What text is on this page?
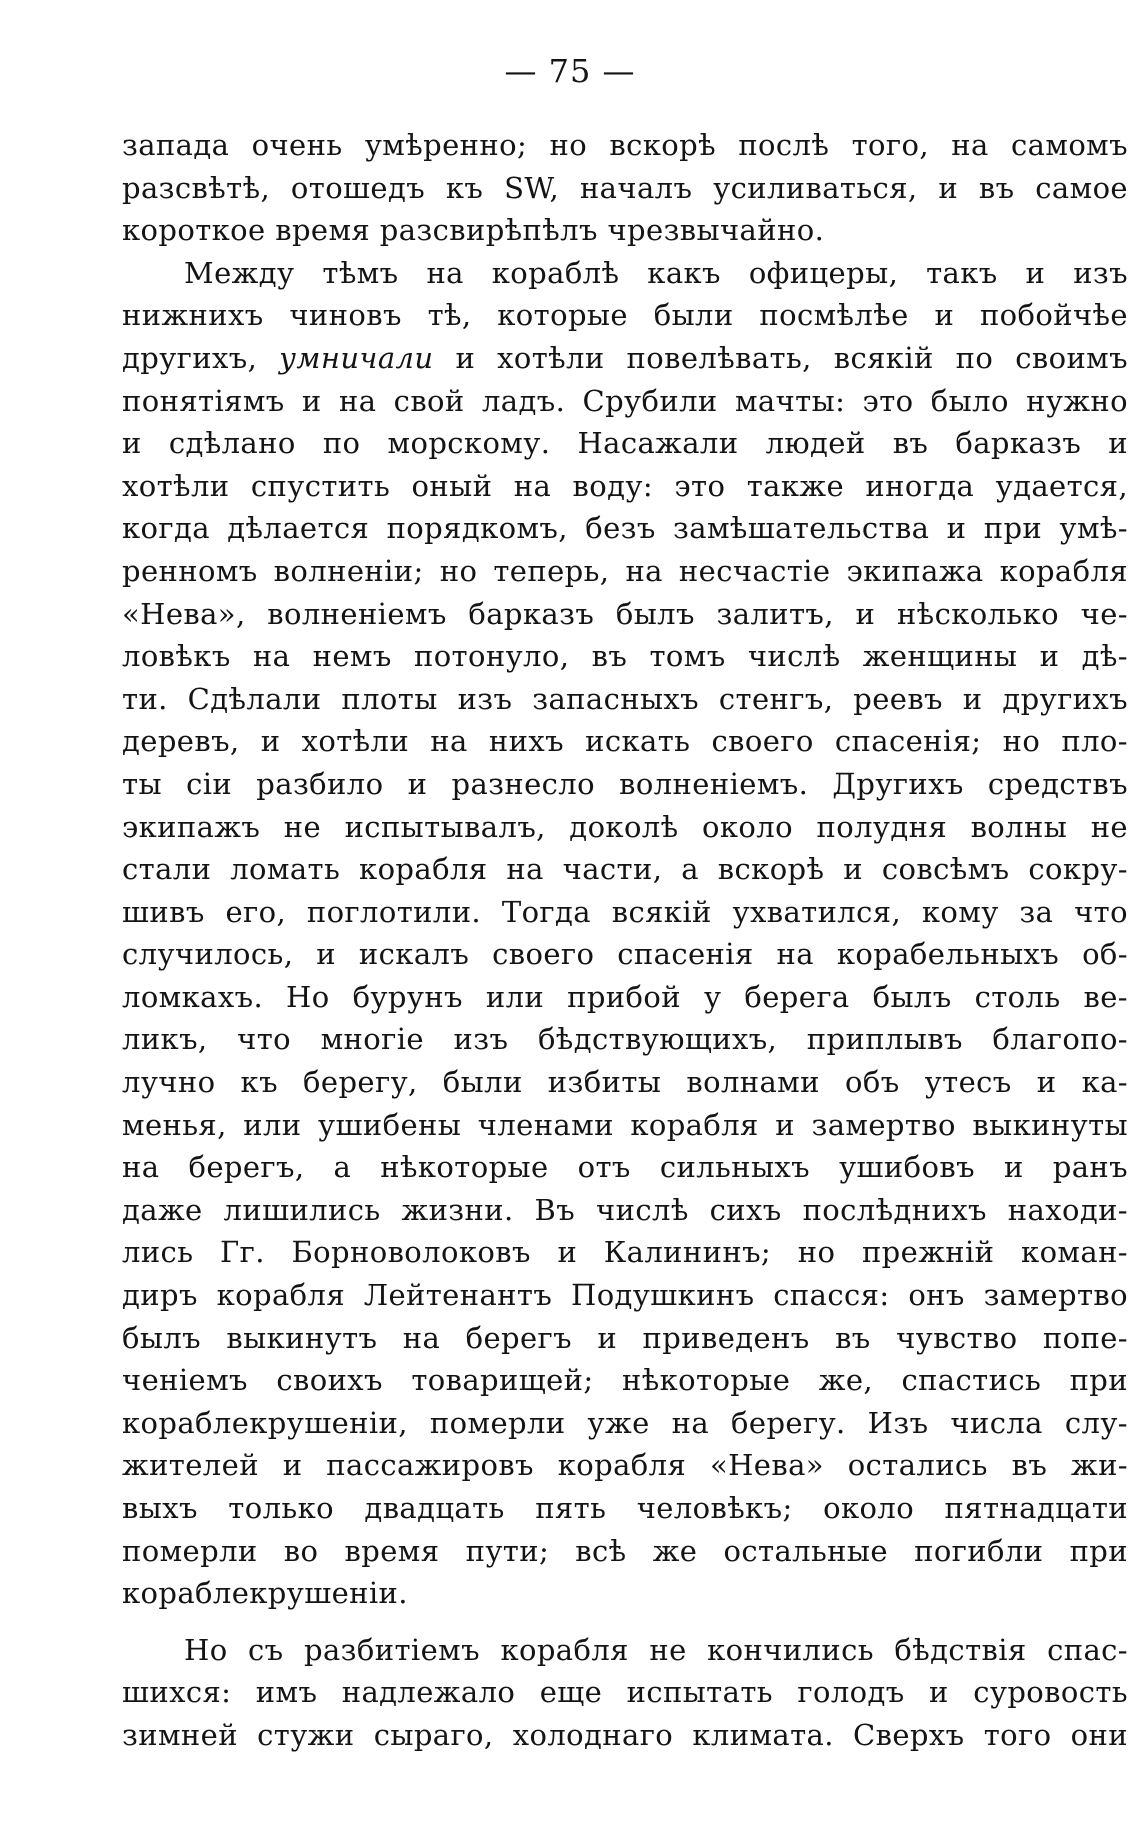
— 75 —
запада очень умѣренно; но вскорѣ послѣ того, на самомъ
разсвѣтѣ, отошедъ къ SW, началъ усиливаться, и въ самое
короткое время разсвирѣпѣлъ чрезвычайно.
Между тѣмъ на кораблѣ какъ офицеры, такъ и изъ
нижнихъ чиновъ тѣ, которые были посмѣлѣе и побойчѣе
другихъ, умничали и хотѣли повелѣвать, всякій по своимъ
понятіямъ и на свой ладъ. Срубили мачты: это было нужно
и сдѣлано по морскому. Насажали людей въ барказъ и
хотѣли спустить оный на воду: это также иногда удается,
когда дѣлается порядкомъ, безъ замѣшательства и при умѣ-
ренномъ волненіи; но теперь, на несчастіе экипажа корабля
«Нева», волненіемъ барказъ былъ залитъ, и нѣсколько че-
ловѣкъ на немъ потонуло, въ томъ числѣ женщины и дѣ-
ти. Сдѣлали плоты изъ запасныхъ стенгъ, реевъ и другихъ
деревъ, и хотѣли на нихъ искать своего спасенія; но пло-
ты сіи разбило и разнесло волненіемъ. Другихъ средствъ
экипажъ не испытывалъ, доколѣ около полудня волны не
стали ломать корабля на части, а вскорѣ и совсѣмъ сокру-
шивъ его, поглотили. Тогда всякій ухватился, кому за что
случилось, и искалъ своего спасенія на корабельныхъ об-
ломкахъ. Но бурунъ или прибой у берега былъ столь ве-
ликъ, что многіе изъ бѣдствующихъ, приплывъ благопо-
лучно къ берегу, были избиты волнами объ утесъ и ка-
менья, или ушибены членами корабля и замертво выкинуты
на берегъ, а нѣкоторые отъ сильныхъ ушибовъ и ранъ
даже лишились жизни. Въ числѣ сихъ послѣднихъ находи-
лись Гг. Борноволоковъ и Калининъ; но прежній коман-
диръ корабля Лейтенантъ Подушкинъ спасся: онъ замертво
былъ выкинутъ на берегъ и приведенъ въ чувство попе-
ченіемъ своихъ товарищей; нѣкоторые же, спастись при
кораблекрушеніи, померли уже на берегу. Изъ числа слу-
жителей и пассажировъ корабля «Нева» остались въ жи-
выхъ только двадцать пять человѣкъ; около пятнадцати
померли во время пути; всѣ же остальные погибли при
кораблекрушеніи.
Но съ разбитіемъ корабля не кончились бѣдствія спас-
шихся: имъ надлежало еще испытать голодъ и суровость
зимней стужи сыраго, холоднаго климата. Сверхъ того они
